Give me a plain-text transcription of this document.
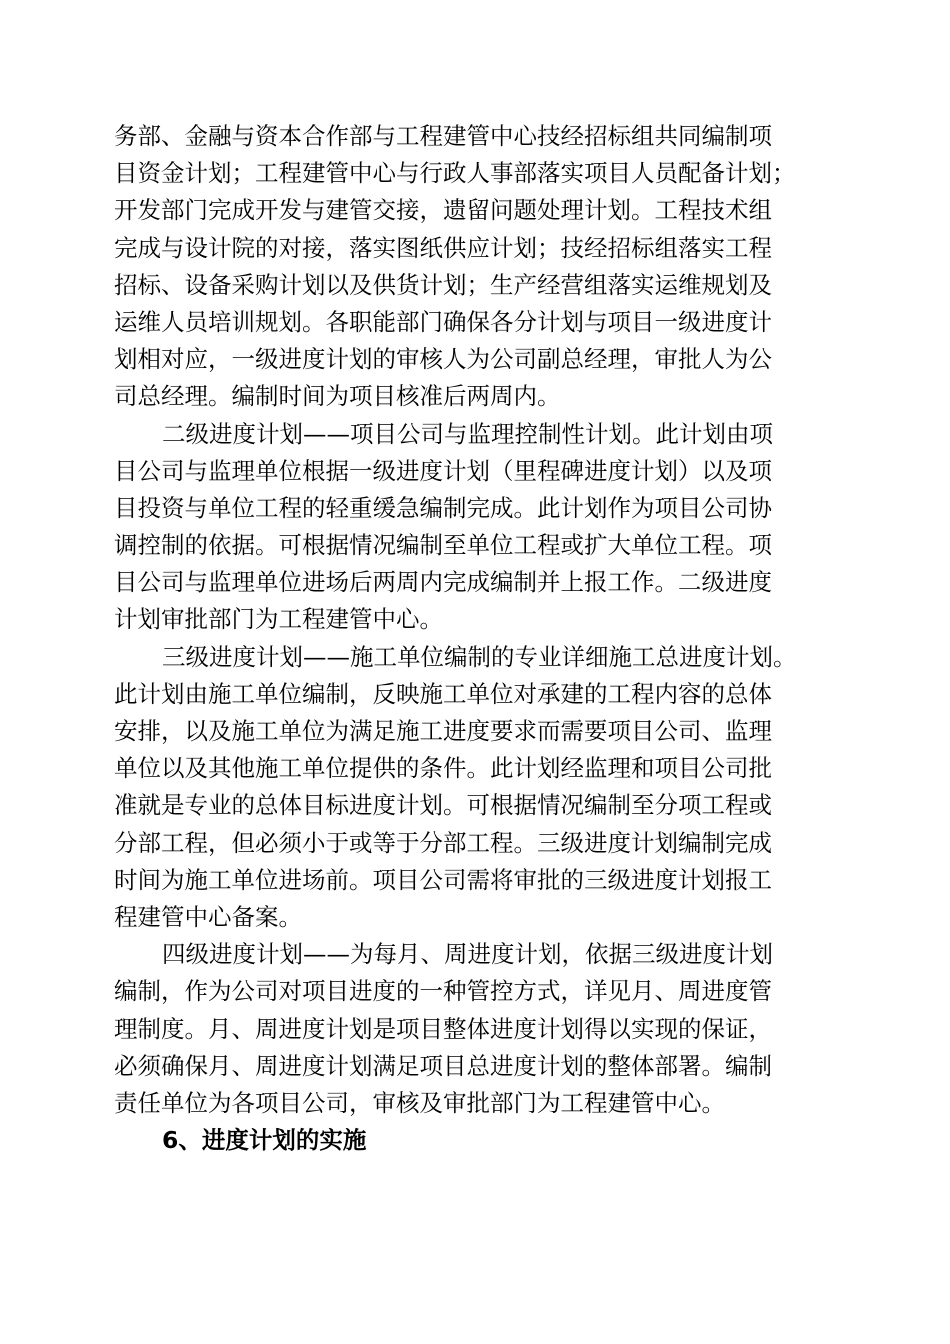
务部、金融与资本合作部与工程建管中心技经招标组共同编制项
目资金计划；工程建管中心与行政人事部落实项目人员配备计划；
开发部门完成开发与建管交接，遗留问题处理计划。工程技术组
完成与设计院的对接，落实图纸供应计划；技经招标组落实工程
招标、设备采购计划以及供货计划；生产经营组落实运维规划及
运维人员培训规划。各职能部门确保各分计划与项目一级进度计
划相对应，一级进度计划的审核人为公司副总经理，审批人为公
司总经理。编制时间为项目核准后两周内。
二级进度计划——项目公司与监理控制性计划。此计划由项
目公司与监理单位根据一级进度计划（里程碑进度计划）以及项
目投资与单位工程的轻重缓急编制完成。此计划作为项目公司协
调控制的依据。可根据情况编制至单位工程或扩大单位工程。项
目公司与监理单位进场后两周内完成编制并上报工作。二级进度
计划审批部门为工程建管中心。
三级进度计划——施工单位编制的专业详细施工总进度计划。
此计划由施工单位编制，反映施工单位对承建的工程内容的总体
安排，以及施工单位为满足施工进度要求而需要项目公司、监理
单位以及其他施工单位提供的条件。此计划经监理和项目公司批
准就是专业的总体目标进度计划。可根据情况编制至分项工程或
分部工程，但必须小于或等于分部工程。三级进度计划编制完成
时间为施工单位进场前。项目公司需将审批的三级进度计划报工
程建管中心备案。
四级进度计划——为每月、周进度计划，依据三级进度计划
编制，作为公司对项目进度的一种管控方式，详见月、周进度管
理制度。月、周进度计划是项目整体进度计划得以实现的保证，
必须确保月、周进度计划满足项目总进度计划的整体部署。编制
责任单位为各项目公司，审核及审批部门为工程建管中心。
6、进度计划的实施
